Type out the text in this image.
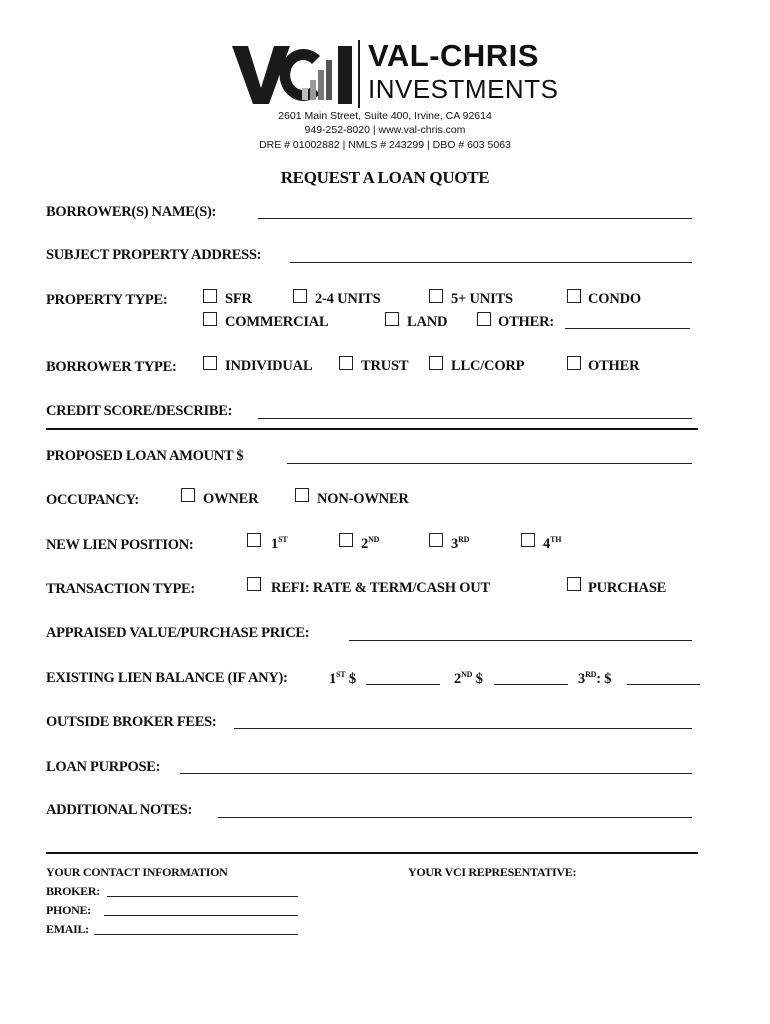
VAL-CHRIS
INVESTMENTS
2601 Main Street, Suite 400, Irvine, CA 92614
949-252-8020 | www.val-chris.com
DRE # 01002882 | NMLS # 243299 | DBO # 603 5063
REQUEST A LOAN QUOTE
BORROWER(S) NAME(S):
SUBJECT PROPERTY ADDRESS:
PROPERTY TYPE:	SFR	2-4 UNITS	5+ UNITS	CONDO
COMMERCIAL	LAND	OTHER:
BORROWER TYPE:	INDIVIDUAL	TRUST	LLC/CORP	OTHER
CREDIT SCORE/DESCRIBE:
PROPOSED LOAN AMOUNT $
OCCUPANCY:	OWNER	NON-OWNER
NEW LIEN POSITION:	1ST	2ND	3RD	4TH
TRANSACTION TYPE:	REFI: RATE & TERM/CASH OUT	PURCHASE
APPRAISED VALUE/PURCHASE PRICE:
EXISTING LIEN BALANCE (IF ANY):	1ST $	2ND $	3RD: $
OUTSIDE BROKER FEES:
LOAN PURPOSE:
ADDITIONAL NOTES:
YOUR CONTACT INFORMATION	YOUR VCI REPRESENTATIVE:
BROKER:
PHONE:
EMAIL:
